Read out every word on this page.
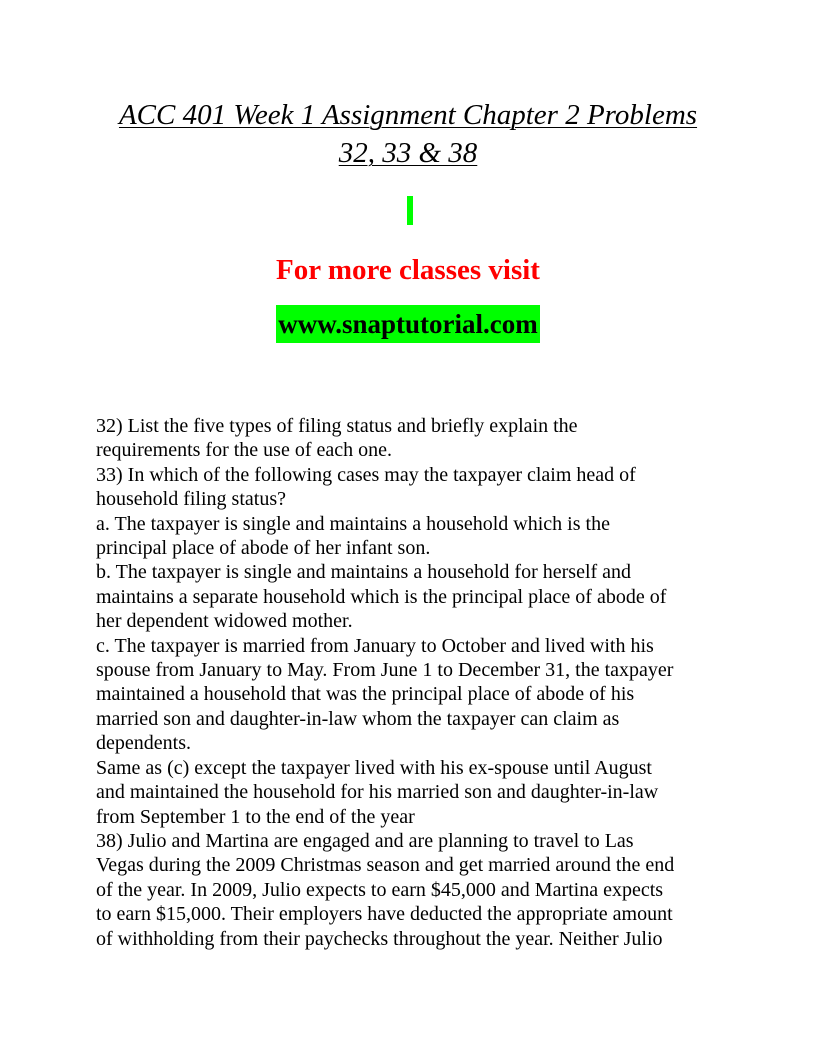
ACC 401 Week 1 Assignment Chapter 2 Problems
32, 33 & 38
For more classes visit
www.snaptutorial.com

32) List the five types of filing status and briefly explain the

requirements for the use of each one.

33) In which of the following cases may the taxpayer claim head of

household filing status?

a. The taxpayer is single and maintains a household which is the

principal place of abode of her infant son.

b. The taxpayer is single and maintains a household for herself and

maintains a separate household which is the principal place of abode of

her dependent widowed mother.

c. The taxpayer is married from January to October and lived with his

spouse from January to May. From June 1 to December 31, the taxpayer

maintained a household that was the principal place of abode of his

married son and daughter-in-law whom the taxpayer can claim as

dependents.

Same as (c) except the taxpayer lived with his ex-spouse until August

and maintained the household for his married son and daughter-in-law

from September 1 to the end of the year

38) Julio and Martina are engaged and are planning to travel to Las

Vegas during the 2009 Christmas season and get married around the end

of the year. In 2009, Julio expects to earn $45,000 and Martina expects

to earn $15,000. Their employers have deducted the appropriate amount

of withholding from their paychecks throughout the year. Neither Julio
